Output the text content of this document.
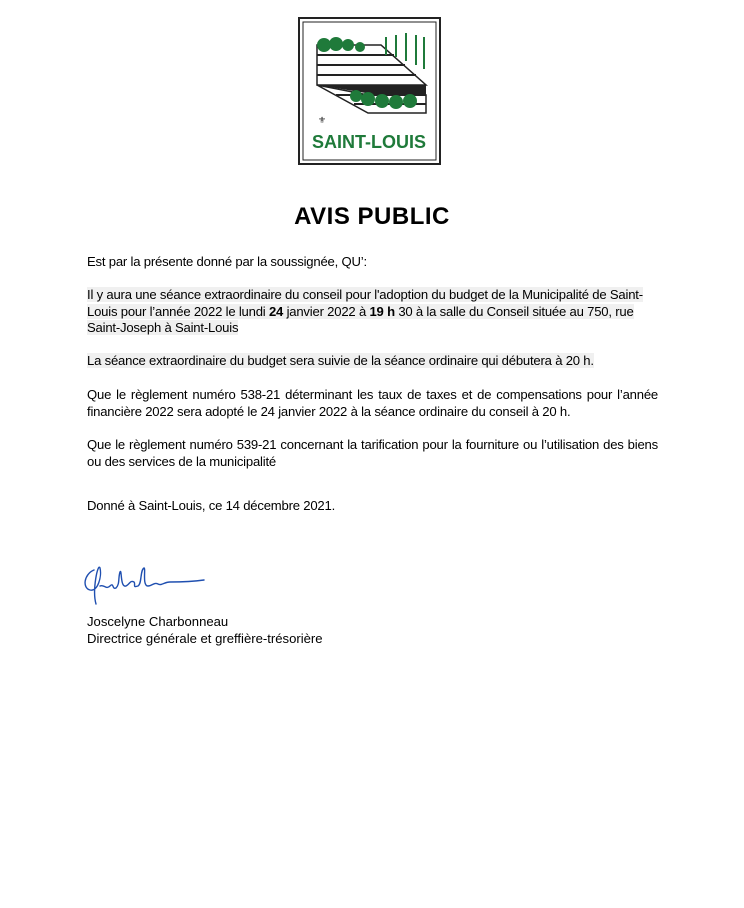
⚜
SAINT-LOUIS
AVIS PUBLIC
Est par la présente donné par la soussignée, QU’:
Il y aura une séance extraordinaire du conseil pour l'adoption du budget de la Municipalité de Saint-Louis pour l’année 2022 le lundi 24 janvier 2022 à 19 h 30 à la salle du Conseil située au 750, rue Saint-Joseph à Saint-Louis
La séance extraordinaire du budget sera suivie de la séance ordinaire qui débutera à 20 h.
Que le règlement numéro 538-21 déterminant les taux de taxes et de compensations pour l’année financière 2022 sera adopté le 24 janvier 2022 à la séance ordinaire du conseil à 20 h.
Que le règlement numéro 539-21 concernant la tarification pour la fourniture ou l’utilisation des biens ou des services de la municipalité
Donné à Saint-Louis, ce 14 décembre 2021.
Joscelyne Charbonneau
Directrice générale et greffière-trésorière
